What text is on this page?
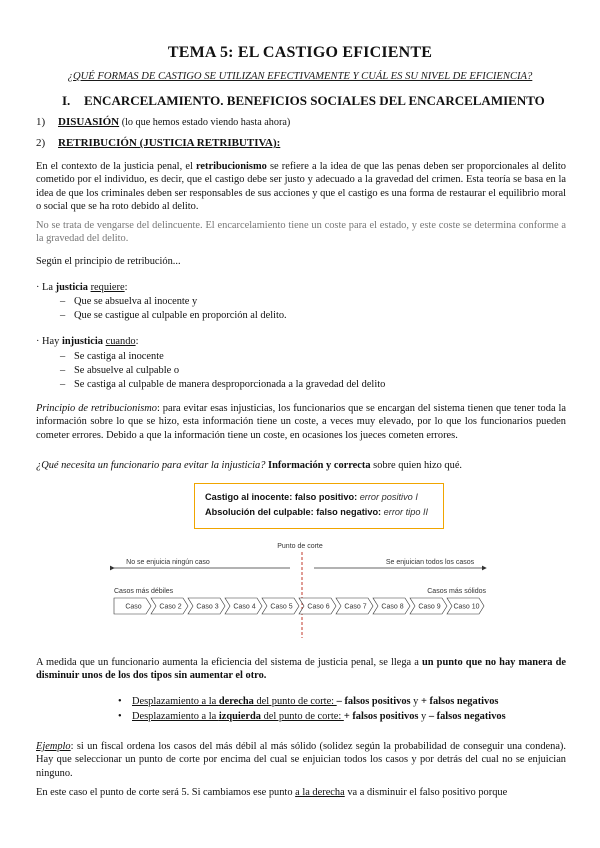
TEMA 5: EL CASTIGO EFICIENTE
¿QUÉ FORMAS DE CASTIGO SE UTILIZAN EFECTIVAMENTE Y CUÁL ES SU NIVEL DE EFICIENCIA?
I. ENCARCELAMIENTO. BENEFICIOS SOCIALES DEL ENCARCELAMIENTO
1) DISUASIÓN (lo que hemos estado viendo hasta ahora)
2) RETRIBUCIÓN (JUSTICIA RETRIBUTIVA):
En el contexto de la justicia penal, el retribucionismo se refiere a la idea de que las penas deben ser proporcionales al delito cometido por el individuo, es decir, que el castigo debe ser justo y adecuado a la gravedad del crimen. Esta teoría se basa en la idea de que los criminales deben ser responsables de sus acciones y que el castigo es una forma de restaurar el equilibrio moral o social que se ha roto debido al delito.
No se trata de vengarse del delincuente. El encarcelamiento tiene un coste para el estado, y este coste se determina conforme a la gravedad del delito.
Según el principio de retribución...
· La justicia requiere:
– Que se absuelva al inocente y
– Que se castigue al culpable en proporción al delito.
· Hay injusticia cuando:
– Se castiga al inocente
– Se absuelve al culpable o
– Se castiga al culpable de manera desproporcionada a la gravedad del delito
Principio de retribucionismo: para evitar esas injusticias, los funcionarios que se encargan del sistema tienen que tener toda la información sobre lo que se hizo, esta información tiene un coste, a veces muy elevado, por lo que los funcionarios pueden cometer errores. Debido a que la información tiene un coste, en ocasiones los jueces cometen errores.
¿Qué necesita un funcionario para evitar la injusticia? Información y correcta sobre quien hizo qué.
Castigo al inocente: falso positivo: error positivo I
Absolución del culpable: falso negativo: error tipo II
Punto de corte
No se enjuicia ningún caso	Se enjuician todos los casos
Casos más débiles	Casos más sólidos
Caso	Caso 2 Caso 3 Caso 4 Caso 5 Caso 6 Caso 7 Caso 8 Caso 9 Caso 10
A medida que un funcionario aumenta la eficiencia del sistema de justicia penal, se llega a un punto que no hay manera de disminuir unos de los dos tipos sin aumentar el otro.
• Desplazamiento a la derecha del punto de corte: – falsos positivos y + falsos negativos
• Desplazamiento a la izquierda del punto de corte: + falsos positivos y – falsos negativos
Ejemplo: si un fiscal ordena los casos del más débil al más sólido (solidez según la probabilidad de conseguir una condena). Hay que seleccionar un punto de corte por encima del cual se enjuician todos los casos y por detrás del cual no se enjuician ninguno.
En este caso el punto de corte será 5. Si cambiamos ese punto a la derecha va a disminuir el falso positivo porque
